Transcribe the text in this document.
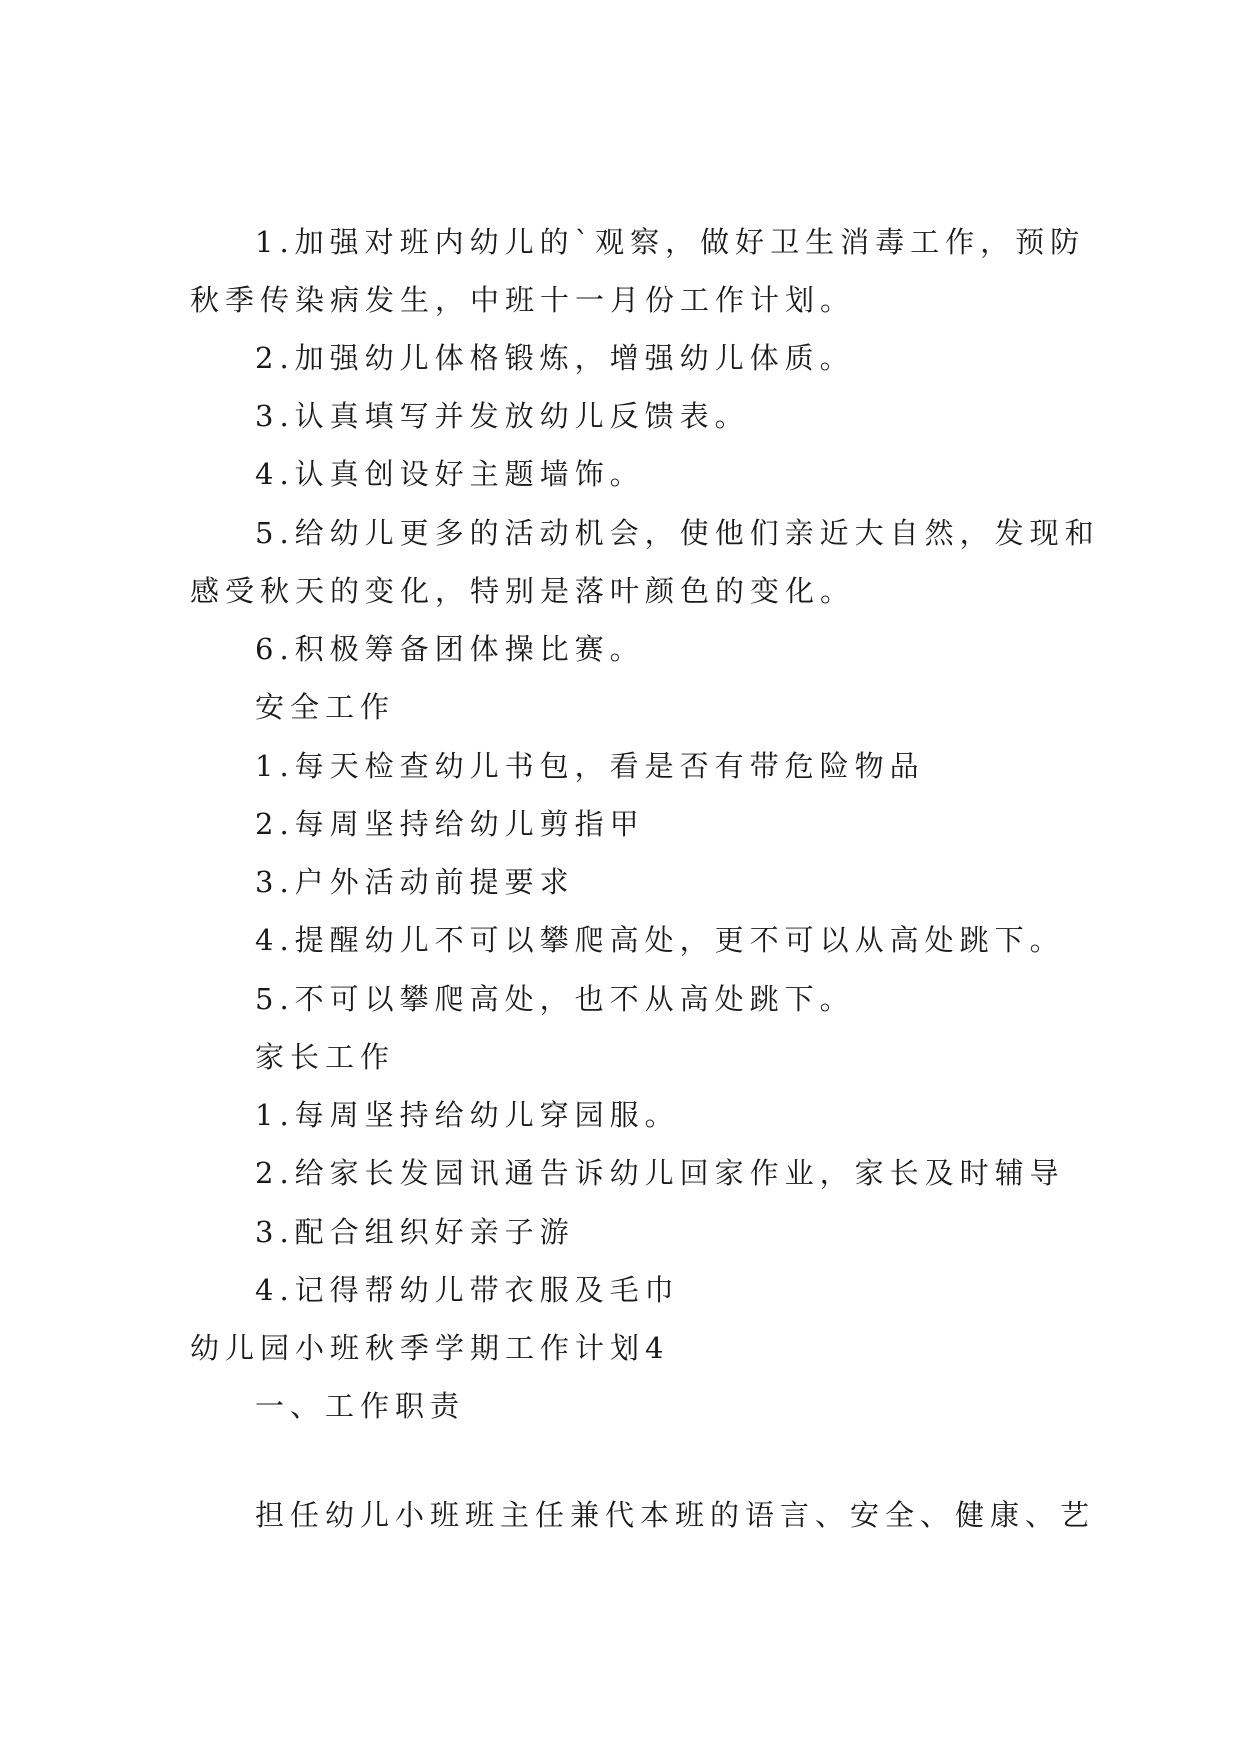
1.加强对班内幼儿的`观察，做好卫生消毒工作，预防
秋季传染病发生，中班十一月份工作计划。
2.加强幼儿体格锻炼，增强幼儿体质。
3.认真填写并发放幼儿反馈表。
4.认真创设好主题墙饰。
5.给幼儿更多的活动机会，使他们亲近大自然，发现和
感受秋天的变化，特别是落叶颜色的变化。
6.积极筹备团体操比赛。
安全工作
1.每天检查幼儿书包，看是否有带危险物品
2.每周坚持给幼儿剪指甲
3.户外活动前提要求
4.提醒幼儿不可以攀爬高处，更不可以从高处跳下。
5.不可以攀爬高处，也不从高处跳下。
家长工作
1.每周坚持给幼儿穿园服。
2.给家长发园讯通告诉幼儿回家作业，家长及时辅导
3.配合组织好亲子游
4.记得帮幼儿带衣服及毛巾
幼儿园小班秋季学期工作计划4
一、工作职责
担任幼儿小班班主任兼代本班的语言、安全、健康、艺
